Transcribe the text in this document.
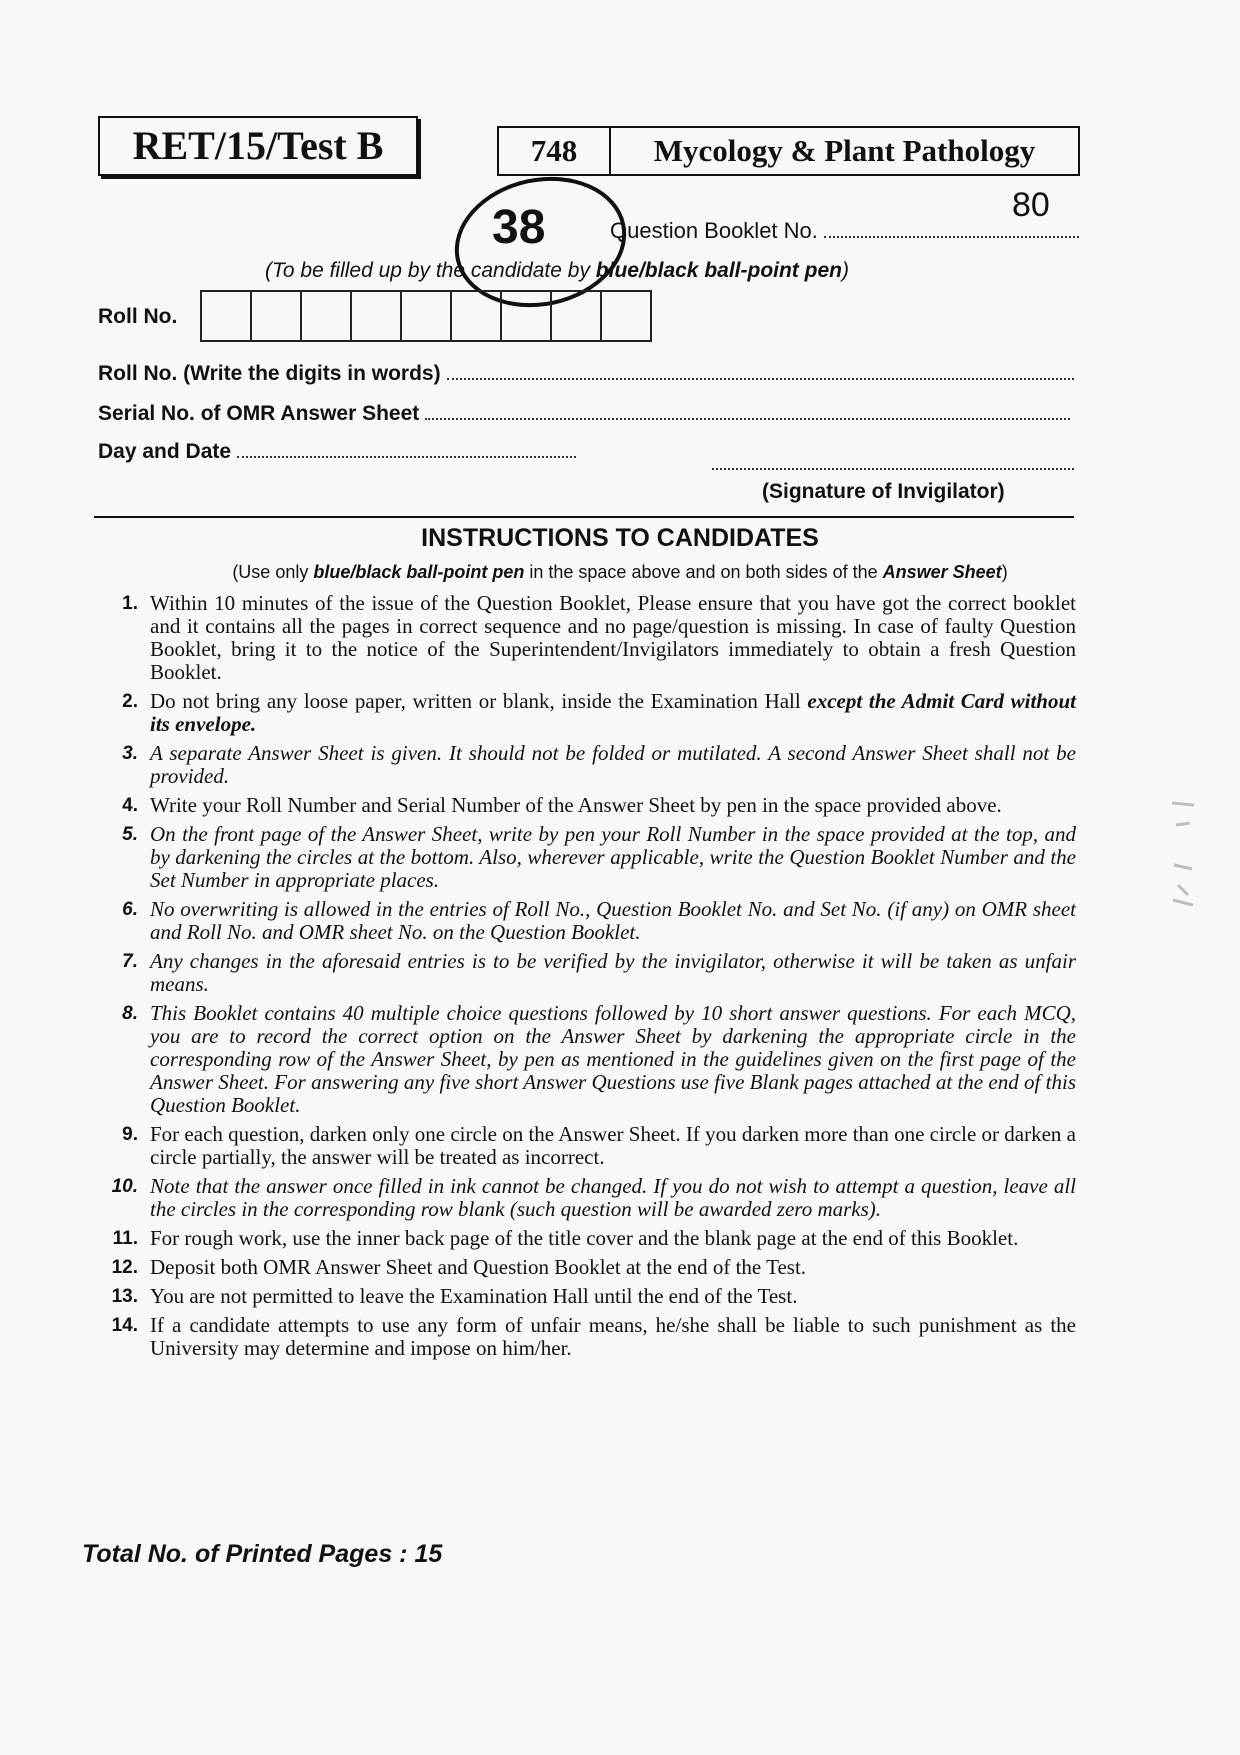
RET/15/Test B	748	Mycology & Plant Pathology
80
38	Question Booklet No.
(To be filled up by the candidate by blue/black ball-point pen)
Roll No.
Roll No. (Write the digits in words)
Serial No. of OMR Answer Sheet
Day and Date
(Signature of Invigilator)
INSTRUCTIONS TO CANDIDATES
(Use only blue/black ball-point pen in the space above and on both sides of the Answer Sheet)
1. Within 10 minutes of the issue of the Question Booklet, Please ensure that you have got the correct booklet and it contains all the pages in correct sequence and no page/question is missing. In case of faulty Question Booklet, bring it to the notice of the Superintendent/Invigilators immediately to obtain a fresh Question Booklet.
2. Do not bring any loose paper, written or blank, inside the Examination Hall except the Admit Card without its envelope.
3. A separate Answer Sheet is given. It should not be folded or mutilated. A second Answer Sheet shall not be provided.
4. Write your Roll Number and Serial Number of the Answer Sheet by pen in the space provided above.
5. On the front page of the Answer Sheet, write by pen your Roll Number in the space provided at the top, and by darkening the circles at the bottom. Also, wherever applicable, write the Question Booklet Number and the Set Number in appropriate places.
6. No overwriting is allowed in the entries of Roll No., Question Booklet No. and Set No. (if any) on OMR sheet and Roll No. and OMR sheet No. on the Question Booklet.
7. Any changes in the aforesaid entries is to be verified by the invigilator, otherwise it will be taken as unfair means.
8. This Booklet contains 40 multiple choice questions followed by 10 short answer questions. For each MCQ, you are to record the correct option on the Answer Sheet by darkening the appropriate circle in the corresponding row of the Answer Sheet, by pen as mentioned in the guidelines given on the first page of the Answer Sheet. For answering any five short Answer Questions use five Blank pages attached at the end of this Question Booklet.
9. For each question, darken only one circle on the Answer Sheet. If you darken more than one circle or darken a circle partially, the answer will be treated as incorrect.
10. Note that the answer once filled in ink cannot be changed. If you do not wish to attempt a question, leave all the circles in the corresponding row blank (such question will be awarded zero marks).
11. For rough work, use the inner back page of the title cover and the blank page at the end of this Booklet.
12. Deposit both OMR Answer Sheet and Question Booklet at the end of the Test.
13. You are not permitted to leave the Examination Hall until the end of the Test.
14. If a candidate attempts to use any form of unfair means, he/she shall be liable to such punishment as the University may determine and impose on him/her.
Total No. of Printed Pages : 15
